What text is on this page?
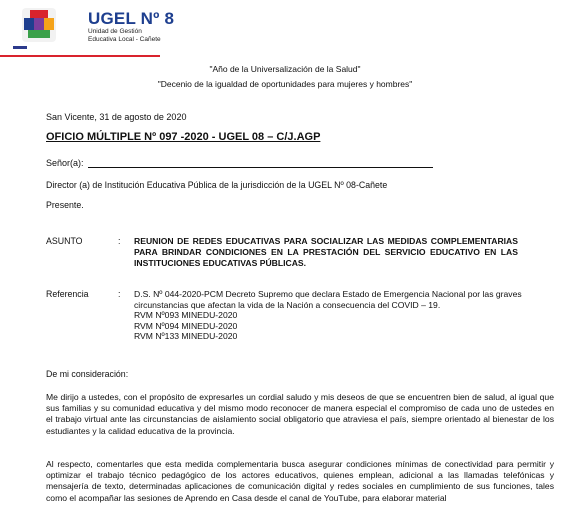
UGEL Nº 8
Unidad de Gestión
Educativa Local - Cañete
"Año de la Universalización de la Salud"
"Decenio de la igualdad de oportunidades para mujeres y hombres"
San Vicente, 31 de agosto de 2020
OFICIO MÚLTIPLE Nº 097 -2020 - UGEL 08 – C/J.AGP
Señor(a):
Director (a) de Institución Educativa Pública de la jurisdicción de la UGEL Nº 08-Cañete
Presente.
ASUNTO	: REUNION DE REDES EDUCATIVAS PARA SOCIALIZAR LAS MEDIDAS COMPLEMENTARIAS PARA BRINDAR CONDICIONES EN LA PRESTACIÓN DEL SERVICIO EDUCATIVO EN LAS INSTITUCIONES EDUCATIVAS PÚBLICAS.
Referencia	: D.S. Nº 044-2020-PCM Decreto Supremo que declara Estado de Emergencia Nacional por las graves circunstancias que afectan la vida de la Nación a consecuencia del COVID – 19.
RVM Nº093 MINEDU-2020
RVM Nº094 MINEDU-2020
RVM Nº133 MINEDU-2020
De mi consideración:
Me dirijo a ustedes, con el propósito de expresarles un cordial saludo y mis deseos de que se encuentren bien de salud, al igual que sus familias y su comunidad educativa y del mismo modo reconocer de manera especial el compromiso de cada uno de ustedes en el trabajo virtual ante las circunstancias de aislamiento social obligatorio que atraviesa el país, siempre orientado al bienestar de los estudiantes y la calidad educativa de la provincia.
Al respecto, comentarles que esta medida complementaria busca asegurar condiciones mínimas de conectividad para permitir y optimizar el trabajo técnico pedagógico de los actores educativos, quienes emplean, adicional a las llamadas telefónicas y mensajería de texto, determinadas aplicaciones de comunicación digital y redes sociales en cumplimiento de sus funciones, tales como el acompañar las sesiones de Aprendo en Casa desde el canal de YouTube, para elaborar material
